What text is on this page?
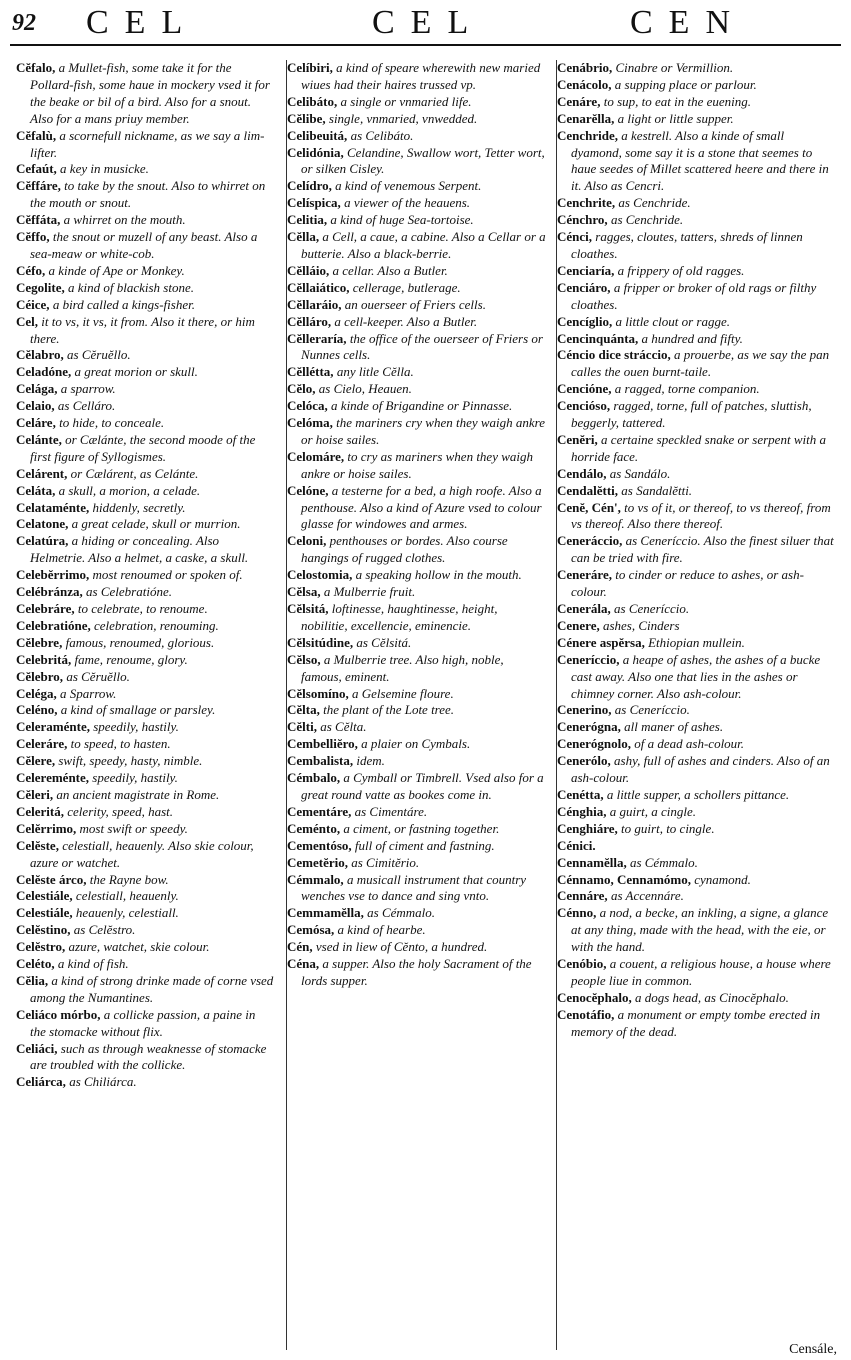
92 CEL	CEL	CEN

Cĕfalo, a Mullet-fish, some take it for the Pollard-fish, some haue in mockery vsed it for the beake or bil of a bird. Also for a snout. Also for a mans priuy member.

Cĕfalù, a scornefull nickname, as we say a lim-lifter.

Cefaút, a key in musicke.

Cĕffáre, to take by the snout. Also to whirret on the mouth or snout.

Cĕffáta, a whirret on the mouth.

Cĕffo, the snout or muzell of any beast. Also a sea-meaw or white-cob.

Céfo, a kinde of Ape or Monkey.

Cegolite, a kind of blackish stone.

Céice, a bird called a kings-fisher.

Cel, it to vs, it vs, it from. Also it there, or him there.

Cĕlabro, as Cĕruĕllo.

Celadóne, a great morion or skull.

Celága, a sparrow.

Celaio, as Celláro.

Celáre, to hide, to conceale.

Celánte, or Cælánte, the second moode of the first figure of Syllogismes.

Celárent, or Cælárent, as Celánte.

Celáta, a skull, a morion, a celade.

Celataménte, hiddenly, secretly.

Celatone, a great celade, skull or murrion.

Celatúra, a hiding or concealing. Also Helmetrie. Also a helmet, a caske, a skull.

Celebĕrrimo, most renoumed or spoken of.

Celébránza, as Celebratióne.

Celebráre, to celebrate, to renoume.

Celebratióne, celebration, renouming.

Cĕlebre, famous, renoumed, glorious.

Celebritá, fame, renoume, glory.

Cĕlebro, as Cĕruĕllo.

Celéga, a Sparrow.

Celéno, a kind of smallage or parsley.

Celeraménte, speedily, hastily.

Celeráre, to speed, to hasten.

Cĕlere, swift, speedy, hasty, nimble.

Celereménte, speedily, hastily.

Cĕleri, an ancient magistrate in Rome.

Celeritá, celerity, speed, hast.

Celĕrrimo, most swift or speedy.

Celĕste, celestiall, heauenly. Also skie colour, azure or watchet.

Celĕste árco, the Rayne bow.

Celestiále, celestiall, heauenly.

Celestiále, heauenly, celestiall.

Celĕstino, as Celĕstro.

Celĕstro, azure, watchet, skie colour.

Celéto, a kind of fish.

Cĕlia, a kind of strong drinke made of corne vsed among the Numantines.

Celiáco mórbo, a collicke passion, a paine in the stomacke without flix.

Celiáci, such as through weaknesse of stomacke are troubled with the collicke.

Celiárca, as Chiliárca.

Celíbiri, a kind of speare wherewith new maried wiues had their haires trussed vp.

Celibáto, a single or vnmaried life.

Cĕlibe, single, vnmaried, vnwedded.

Celibeuitá, as Celibáto.

Celidónia, Celandine, Swallow wort, Tetter wort, or silken Cisley.

Celídro, a kind of venemous Serpent.

Celíspica, a viewer of the heauens.

Celitia, a kind of huge Sea-tortoise.

Cĕlla, a Cell, a caue, a cabine. Also a Cellar or a butterie. Also a black-berrie.

Cĕlláio, a cellar. Also a Butler.

Cĕllaiático, cellerage, butlerage.

Cĕllaráio, an ouerseer of Friers cells.

Cĕlláro, a cell-keeper. Also a Butler.

Cĕlleraría, the office of the ouerseer of Friers or Nunnes cells.

Cĕllétta, any litle Cĕlla.

Cĕlo, as Cielo, Heauen.

Celóca, a kinde of Brigandine or Pinnasse.

Celóma, the mariners cry when they waigh ankre or hoise sailes.

Celomáre, to cry as mariners when they waigh ankre or hoise sailes.

Celóne, a testerne for a bed, a high roofe. Also a penthouse. Also a kind of Azure vsed to colour glasse for windowes and armes.

Celoni, penthouses or bordes. Also course hangings of rugged clothes.

Celostomia, a speaking hollow in the mouth.

Cĕlsa, a Mulberrie fruit.

Cĕlsitá, loftinesse, haughtinesse, height, nobilitie, excellencie, eminencie.

Cĕlsitúdine, as Cĕlsitá.

Cĕlso, a Mulberrie tree. Also high, noble, famous, eminent.

Cĕlsomíno, a Gelsemine floure.

Cĕlta, the plant of the Lote tree.

Cĕlti, as Cĕlta.

Cembelliĕro, a plaier on Cymbals.

Cembalista, idem.

Cémbalo, a Cymball or Timbrell. Vsed also for a great round vatte as bookes come in.

Cementáre, as Cimentáre.

Ceménto, a ciment, or fastning together.

Cementóso, full of ciment and fastning.

Cemetĕrio, as Cimitĕrio.

Cémmalo, a musicall instrument that country wenches vse to dance and sing vnto.

Cemmamĕlla, as Cémmalo.

Cemósa, a kind of hearbe.

Cén, vsed in liew of Cĕnto, a hundred.

Céna, a supper. Also the holy Sacrament of the lords supper.

Cenábrio, Cinabre or Vermillion.

Cenácolo, a supping place or parlour.

Cenáre, to sup, to eat in the euening.

Cenarĕlla, a light or little supper.

Cenchride, a kestrell. Also a kinde of small dyamond, some say it is a stone that seemes to haue seedes of Millet scattered heere and there in it. Also as Cencri.

Cenchrite, as Cenchride.

Cénchro, as Cenchride.

Cénci, ragges, cloutes, tatters, shreds of linnen cloathes.

Cenciaría, a frippery of old ragges.

Cenciáro, a fripper or broker of old rags or filthy cloathes.

Cencíglio, a little clout or ragge.

Cencinquánta, a hundred and fifty.

Céncio dice stráccio, a prouerbe, as we say the pan calles the ouen burnt-taile.

Cencióne, a ragged, torne companion.

Cencióso, ragged, torne, full of patches, sluttish, beggerly, tattered.

Cenĕri, a certaine speckled snake or serpent with a horride face.

Cendálo, as Sandálo.

Cendalĕtti, as Sandalĕtti.

Cenĕ, Cén', to vs of it, or thereof, to vs thereof, from vs thereof. Also there thereof.

Ceneráccio, as Ceneríccio. Also the finest siluer that can be tried with fire.

Ceneráre, to cinder or reduce to ashes, or ash-colour.

Cenerála, as Ceneríccio.

Cenere, ashes, Cinders

Cénere aspĕrsa, Ethiopian mullein.

Ceneríccio, a heape of ashes, the ashes of a bucke cast away. Also one that lies in the ashes or chimney corner. Also ash-colour.

Cenerino, as Ceneríccio.

Cenerógna, all maner of ashes.

Cenerógnolo, of a dead ash-colour.

Cenerólo, ashy, full of ashes and cinders. Also of an ash-colour.

Cenétta, a little supper, a schollers pittance.

Cénghia, a guirt, a cingle.

Cenghiáre, to guirt, to cingle.

Cénici.

Cennamĕlla, as Cémmalo.

Cénnamo, Cennamómo, cynamond.

Cennáre, as Accennáre.

Cénno, a nod, a becke, an inkling, a signe, a glance at any thing, made with the head, with the eie, or with the hand.

Cenóbio, a couent, a religious house, a house where people liue in common.

Cenocĕphalo, a dogs head, as Cinocĕphalo.

Cenotáfio, a monument or empty tombe erected in memory of the dead.

Censále,
